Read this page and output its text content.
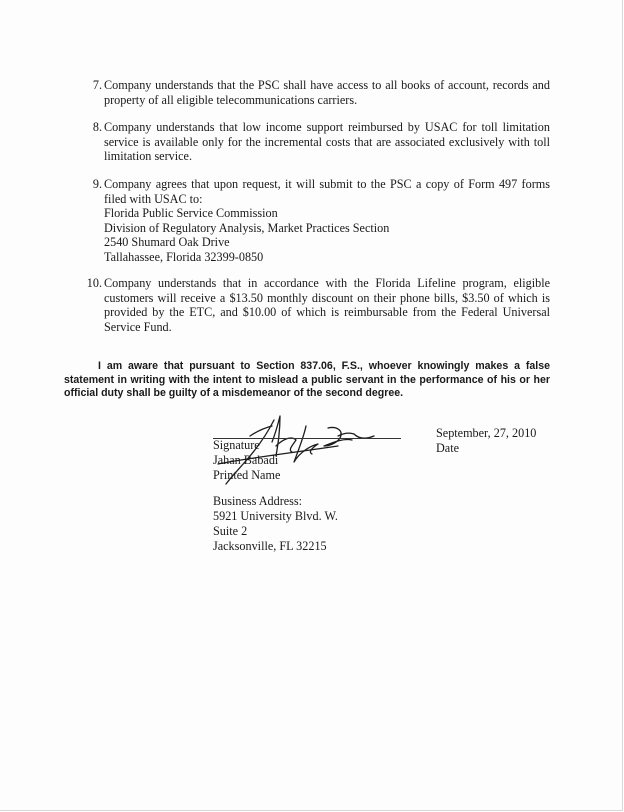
7. Company understands that the PSC shall have access to all books of account, records and property of all eligible telecommunications carriers.
8. Company understands that low income support reimbursed by USAC for toll limitation service is available only for the incremental costs that are associated exclusively with toll limitation service.
9. Company agrees that upon request, it will submit to the PSC a copy of Form 497 forms filed with USAC to:
Florida Public Service Commission
Division of Regulatory Analysis, Market Practices Section
2540 Shumard Oak Drive
Tallahassee, Florida 32399-0850
10. Company understands that in accordance with the Florida Lifeline program, eligible customers will receive a $13.50 monthly discount on their phone bills, $3.50 of which is provided by the ETC, and $10.00 of which is reimbursable from the Federal Universal Service Fund.
I am aware that pursuant to Section 837.06, F.S., whoever knowingly makes a false statement in writing with the intent to mislead a public servant in the performance of his or her official duty shall be guilty of a misdemeanor of the second degree.
Signature
Jahan Babadi
Printed Name
September, 27, 2010
Date
Business Address:
5921 University Blvd. W.
Suite 2
Jacksonville, FL 32215
